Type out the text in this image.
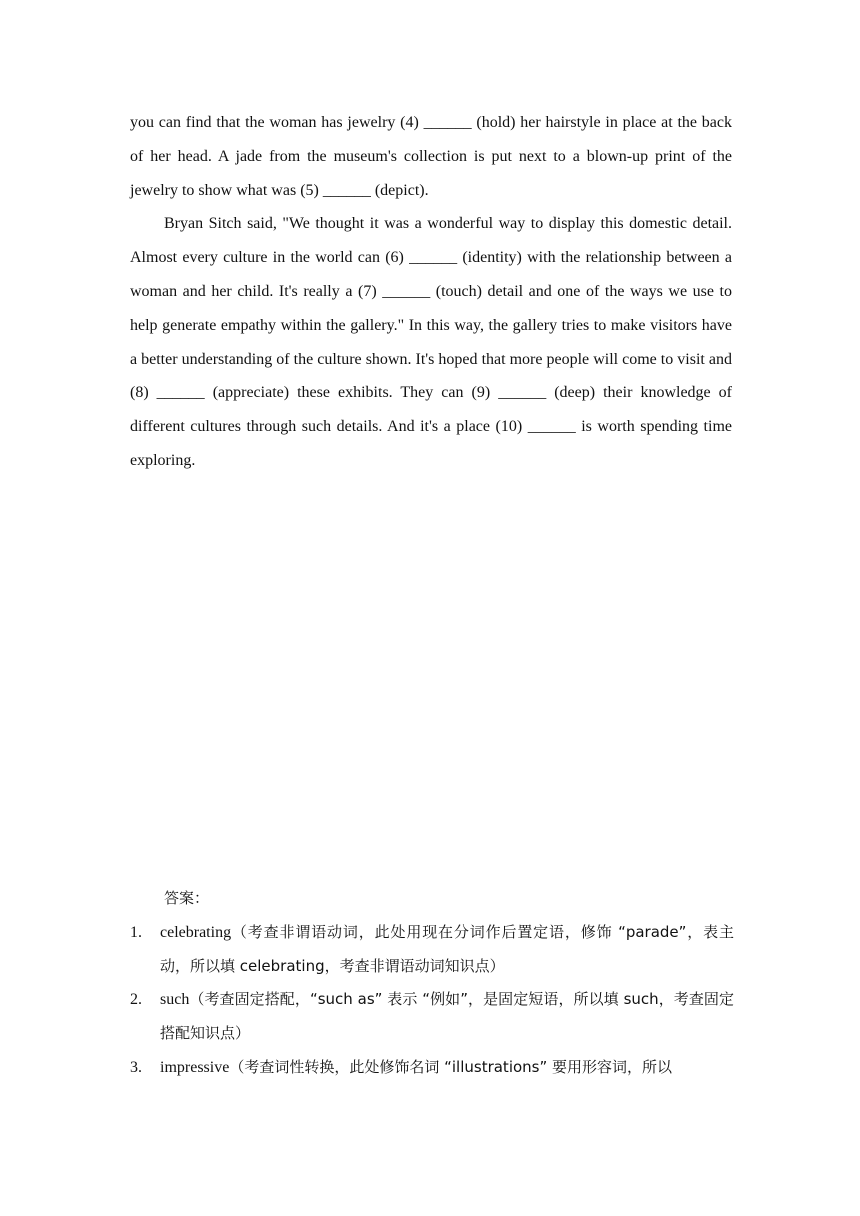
you can find that the woman has jewelry (4) ______ (hold) her hairstyle in place at the back of her head. A jade from the museum's collection is put next to a blown-up print of the jewelry to show what was (5) ______ (depict).

Bryan Sitch said, "We thought it was a wonderful way to display this domestic detail. Almost every culture in the world can (6) ______ (identity) with the relationship between a woman and her child. It's really a (7) ______ (touch) detail and one of the ways we use to help generate empathy within the gallery." In this way, the gallery tries to make visitors have a better understanding of the culture shown. It's hoped that more people will come to visit and (8) ______ (appreciate) these exhibits. They can (9) ______ (deep) their knowledge of different cultures through such details. And it's a place (10) ______ is worth spending time exploring.

答案：

1.	celebrating（考查非谓语动词，此处用现在分词作后置定语，修饰 “parade”，表主动，所以填 celebrating，考查非谓语动词知识点）
2.	such（考查固定搭配，“such as” 表示 “例如”，是固定短语，所以填 such，考查固定搭配知识点）
3.	impressive（考查词性转换，此处修饰名词 “illustrations” 要用形容词，所以
